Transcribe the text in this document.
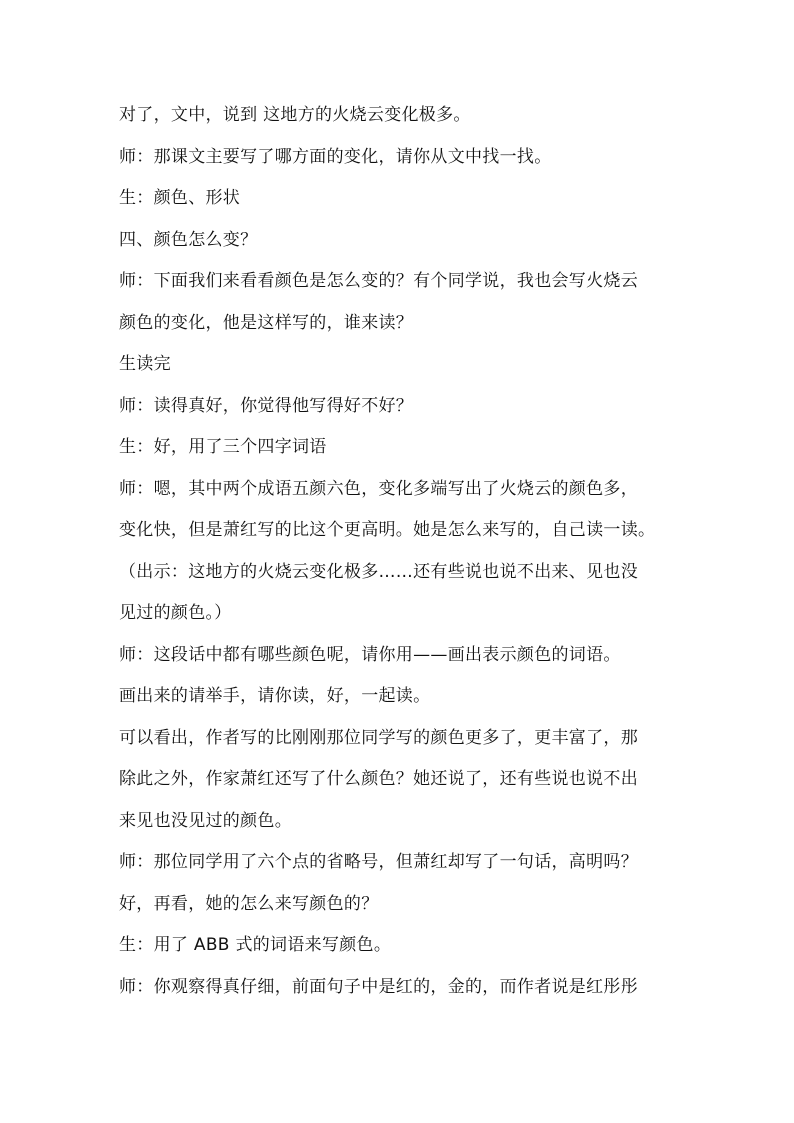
对了，文中，说到 这地方的火烧云变化极多。
师：那课文主要写了哪方面的变化，请你从文中找一找。
生：颜色、形状
四、颜色怎么变？
师：下面我们来看看颜色是怎么变的？有个同学说，我也会写火烧云
颜色的变化，他是这样写的，谁来读？
生读完
师：读得真好，你觉得他写得好不好？
生：好，用了三个四字词语
师：嗯，其中两个成语五颜六色，变化多端写出了火烧云的颜色多，
变化快，但是萧红写的比这个更高明。她是怎么来写的，自己读一读。
（出示：这地方的火烧云变化极多……还有些说也说不出来、见也没
见过的颜色。）
师：这段话中都有哪些颜色呢，请你用——画出表示颜色的词语。
画出来的请举手，请你读，好，一起读。
可以看出，作者写的比刚刚那位同学写的颜色更多了，更丰富了，那
除此之外，作家萧红还写了什么颜色？她还说了，还有些说也说不出
来见也没见过的颜色。
师：那位同学用了六个点的省略号，但萧红却写了一句话，高明吗？
好，再看，她的怎么来写颜色的？
生：用了 ABB 式的词语来写颜色。
师：你观察得真仔细，前面句子中是红的，金的，而作者说是红彤彤
